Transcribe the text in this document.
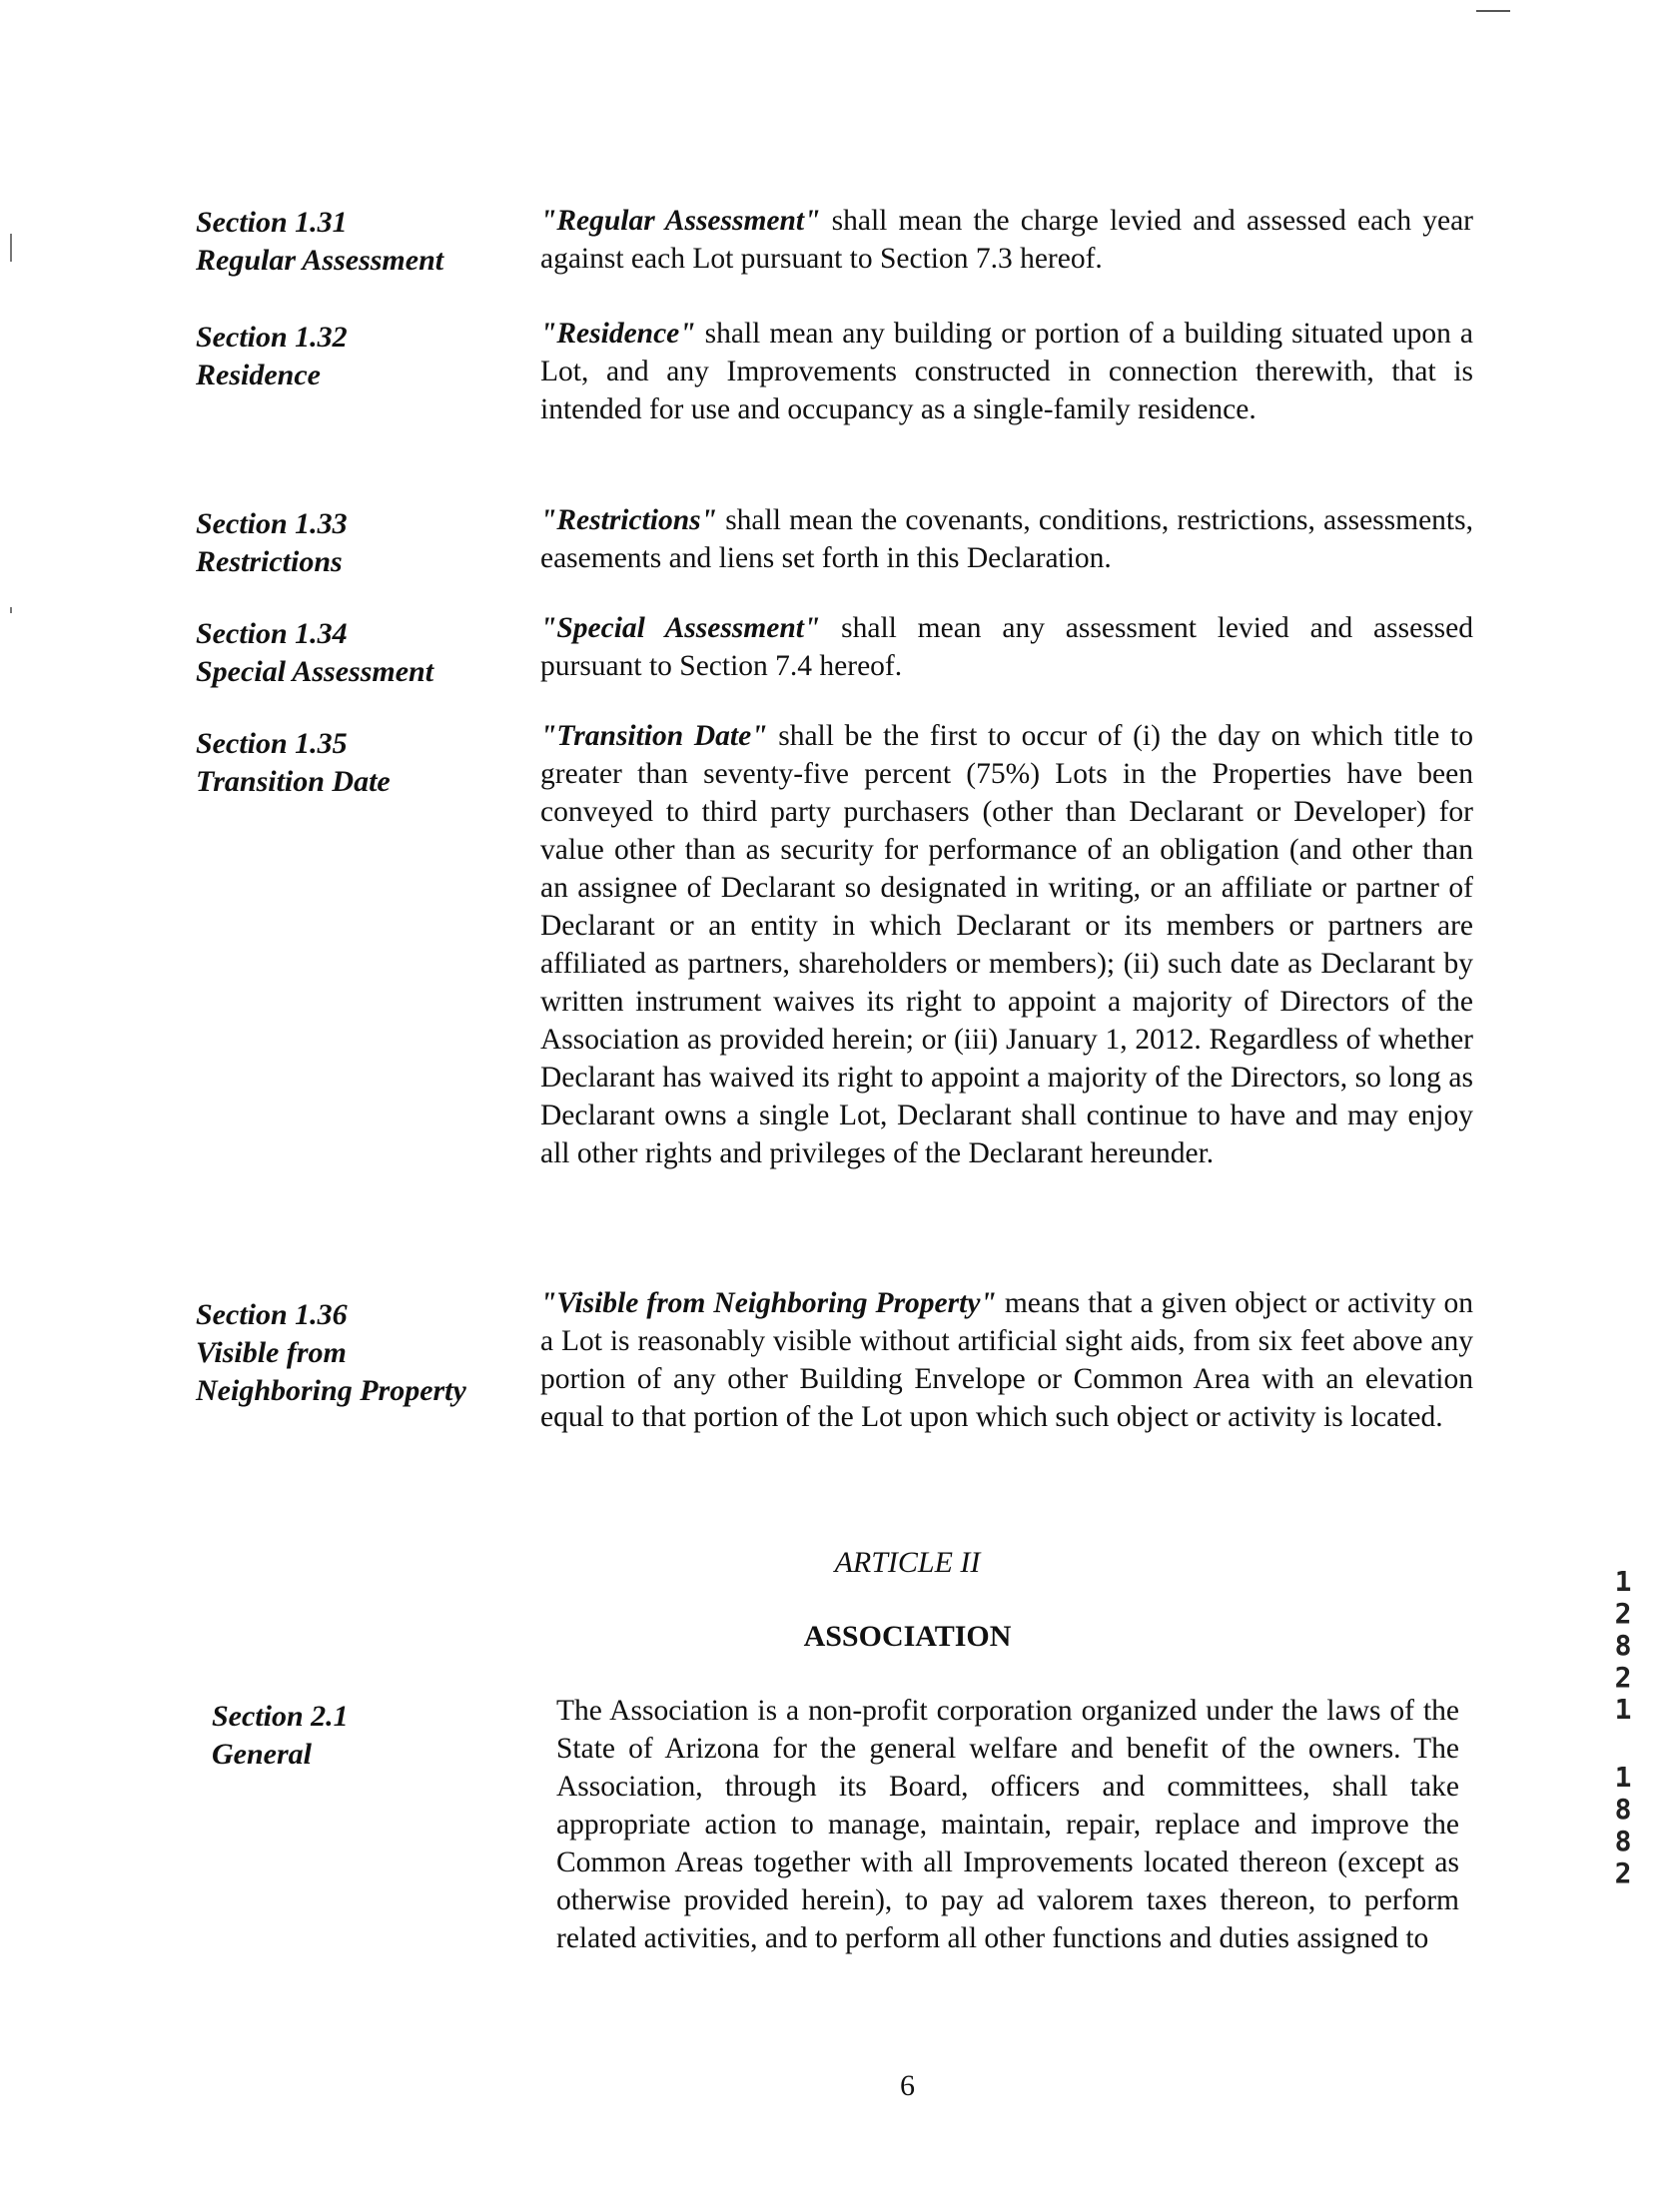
Section 1.31
Regular Assessment
"Regular Assessment" shall mean the charge levied and assessed each year against each Lot pursuant to Section 7.3 hereof.
Section 1.32
Residence
"Residence" shall mean any building or portion of a building situated upon a Lot, and any Improvements constructed in connection therewith, that is intended for use and occupancy as a single-family residence.
Section 1.33
Restrictions
"Restrictions" shall mean the covenants, conditions, restrictions, assessments, easements and liens set forth in this Declaration.
Section 1.34
Special Assessment
"Special Assessment" shall mean any assessment levied and assessed pursuant to Section 7.4 hereof.
Section 1.35
Transition Date
"Transition Date" shall be the first to occur of (i) the day on which title to greater than seventy-five percent (75%) Lots in the Properties have been conveyed to third party purchasers (other than Declarant or Developer) for value other than as security for performance of an obligation (and other than an assignee of Declarant so designated in writing, or an affiliate or partner of Declarant or an entity in which Declarant or its members or partners are affiliated as partners, shareholders or members); (ii) such date as Declarant by written instrument waives its right to appoint a majority of Directors of the Association as provided herein; or (iii) January 1, 2012. Regardless of whether Declarant has waived its right to appoint a majority of the Directors, so long as Declarant owns a single Lot, Declarant shall continue to have and may enjoy all other rights and privileges of the Declarant hereunder.
Section 1.36
Visible from
Neighboring Property
"Visible from Neighboring Property" means that a given object or activity on a Lot is reasonably visible without artificial sight aids, from six feet above any portion of any other Building Envelope or Common Area with an elevation equal to that portion of the Lot upon which such object or activity is located.
ARTICLE II
ASSOCIATION
Section 2.1
General
The Association is a non-profit corporation organized under the laws of the State of Arizona for the general welfare and benefit of the owners. The Association, through its Board, officers and committees, shall take appropriate action to manage, maintain, repair, replace and improve the Common Areas together with all Improvements located thereon (except as otherwise provided herein), to pay ad valorem taxes thereon, to perform related activities, and to perform all other functions and duties assigned to
6
1
2
8
2
1
1
8
8
2
